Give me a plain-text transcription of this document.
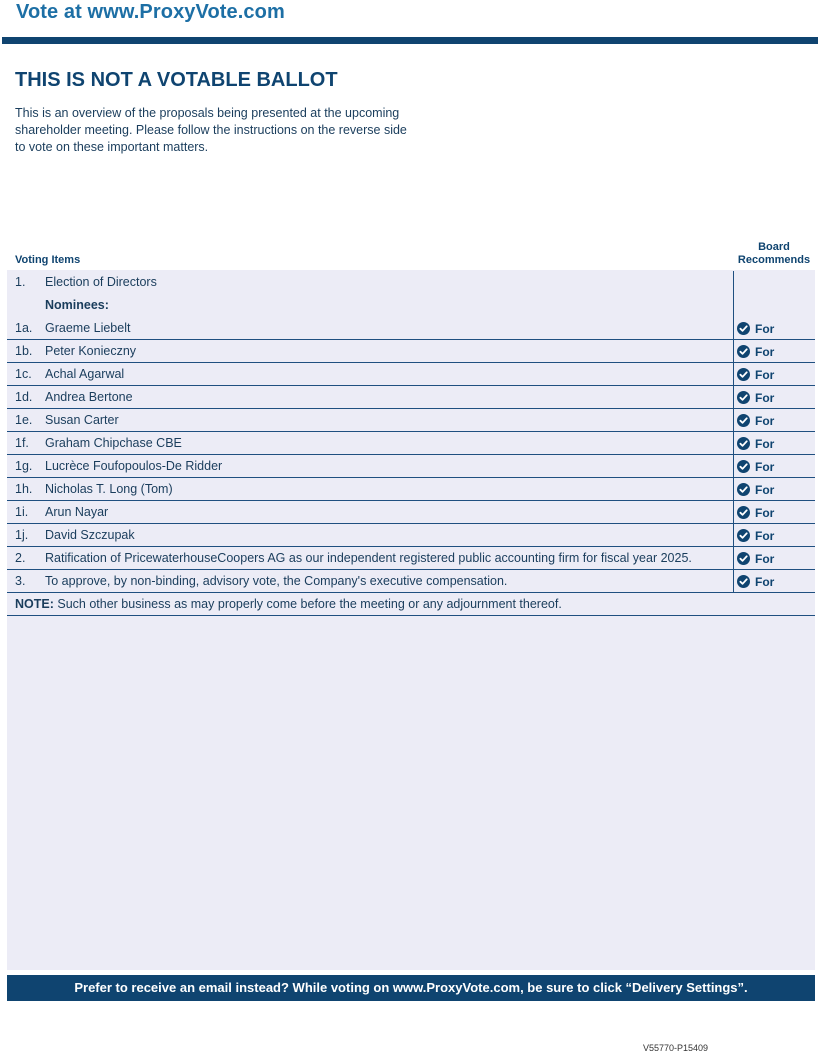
Vote at www.ProxyVote.com
THIS IS NOT A VOTABLE BALLOT
This is an overview of the proposals being presented at the upcoming shareholder meeting. Please follow the instructions on the reverse side to vote on these important matters.
Voting Items
Board
Recommends
1. Election of Directors
Nominees:
1a. Graeme Liebelt	For
1b. Peter Konieczny	For
1c. Achal Agarwal	For
1d. Andrea Bertone	For
1e. Susan Carter	For
1f. Graham Chipchase CBE	For
1g. Lucrèce Foufopoulos-De Ridder	For
1h. Nicholas T. Long (Tom)	For
1i. Arun Nayar	For
1j. David Szczupak	For
2. Ratification of PricewaterhouseCoopers AG as our independent registered public accounting firm for fiscal year 2025.	For
3. To approve, by non-binding, advisory vote, the Company's executive compensation.	For
NOTE: Such other business as may properly come before the meeting or any adjournment thereof.
Prefer to receive an email instead? While voting on www.ProxyVote.com, be sure to click “Delivery Settings”.
V55770-P15409
